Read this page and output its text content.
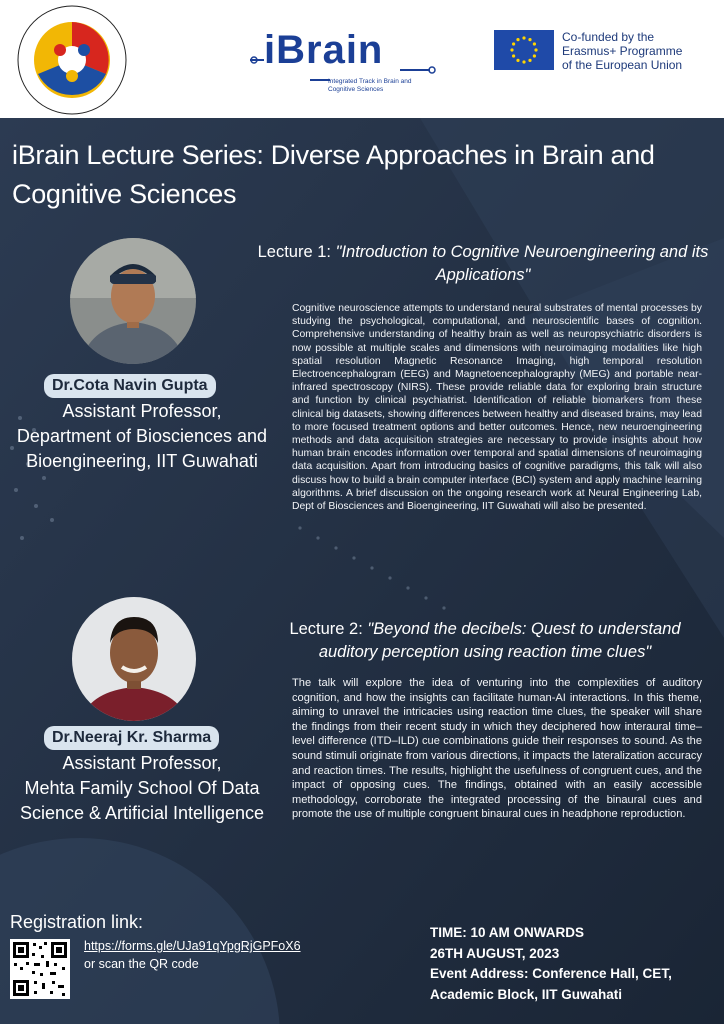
iBrain
Integrated Track in Brain and Cognitive Sciences
Co-funded by the
Erasmus+ Programme
of the European Union
iBrain Lecture Series: Diverse Approaches in Brain and Cognitive Sciences
Dr.Cota Navin Gupta
Assistant Professor,
Department of Biosciences and
Bioengineering, IIT Guwahati
Lecture 1: "Introduction to Cognitive Neuroengineering and its Applications"

Cognitive neuroscience attempts to understand neural substrates of mental processes by studying the psychological, computational, and neuroscientific bases of cognition. Comprehensive understanding of healthy brain as well as neuropsychiatric disorders is now possible at multiple scales and dimensions with neuroimaging modalities like high spatial resolution Magnetic Resonance Imaging, high temporal resolution Electroencephalogram (EEG) and Magnetoencephalography (MEG) and portable near-infrared spectroscopy (NIRS). These provide reliable data for exploring brain structure and function by clinical psychiatrist. Identification of reliable biomarkers from these clinical big datasets, showing differences between healthy and diseased brains, may lead to more focused treatment options and better outcomes. Hence, new neuroengineering methods and data acquisition strategies are necessary to provide insights about how human brain encodes information over temporal and spatial dimensions of neuroimaging data acquisition. Apart from introducing basics of cognitive paradigms, this talk will also discuss how to build a brain computer interface (BCI) system and apply machine learning algorithms. A brief discussion on the ongoing research work at Neural Engineering Lab, Dept of Biosciences and Bioengineering, IIT Guwahati will also be presented.

Dr.Neeraj Kr. Sharma
Assistant Professor,
Mehta Family School Of Data
Science & Artificial Intelligence
Lecture 2: "Beyond the decibels: Quest to understand auditory perception using reaction time clues"

The talk will explore the idea of venturing into the complexities of auditory cognition, and how the insights can facilitate human-AI interactions. In this theme, aiming to unravel the intricacies using reaction time clues, the speaker will share the findings from their recent study in which they deciphered how interaural time–level difference (ITD–ILD) cue combinations guide their responses to sound. As the sound stimuli originate from various directions, it impacts the lateralization accuracy and reaction times. The results, highlight the usefulness of congruent cues, and the impact of opposing cues. The findings, obtained with an easily accessible methodology, corroborate the integrated processing of the binaural cues and promote the use of multiple congruent binaural cues in headphone reproduction.

Registration link:
https://forms.gle/UJa91qYpgRjGPFoX6
or scan the QR code
TIME: 10 AM ONWARDS
26TH AUGUST, 2023
Event Address: Conference Hall, CET,
Academic Block, IIT Guwahati
